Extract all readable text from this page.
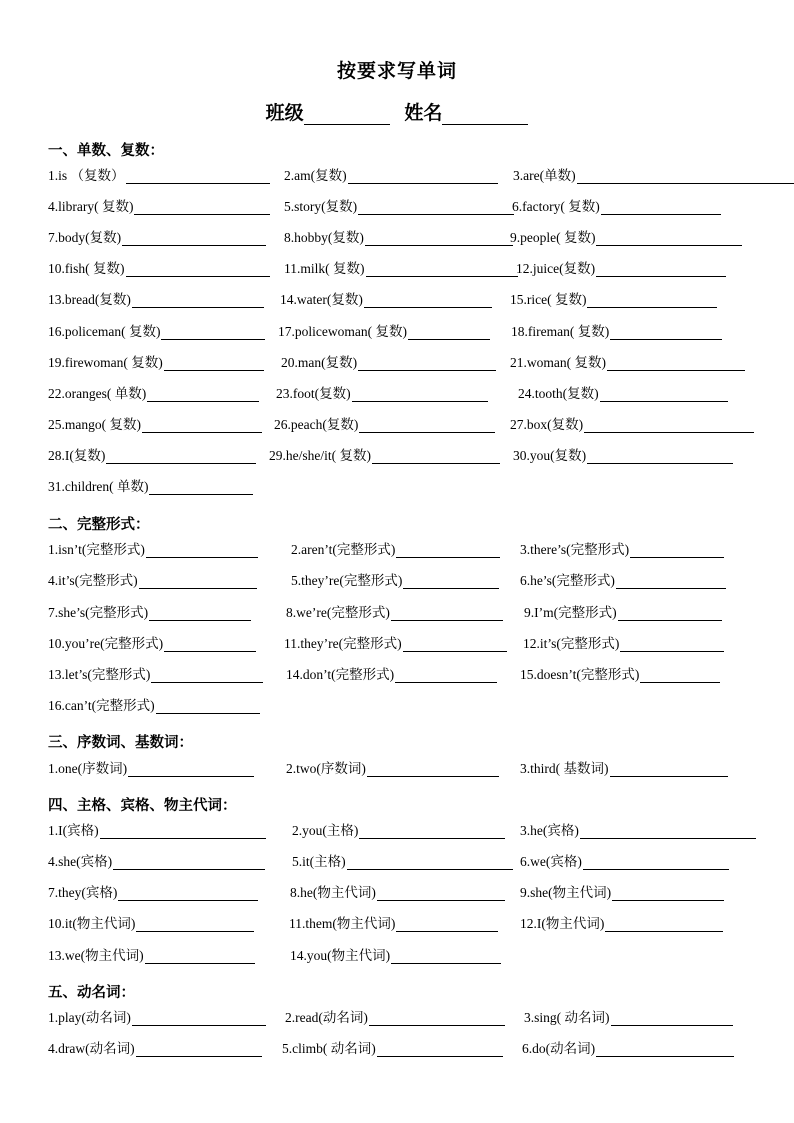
按要求写单词
班级	姓名
一、单数、复数：
二、完整形式：
三、序数词、基数词：
四、主格、宾格、物主代词：
五、动名词：
1.is （复数）	2.am(复数)	3.are(单数)
4.library( 复数)	5.story(复数)	6.factory( 复数)
7.body(复数)	8.hobby(复数)	9.people( 复数)
10.fish( 复数)	11.milk( 复数)	12.juice(复数)
13.bread(复数)	14.water(复数)	15.rice( 复数)
16.policeman( 复数)	17.policewoman( 复数)	18.fireman( 复数)
19.firewoman( 复数)	20.man(复数)	21.woman( 复数)
22.oranges( 单数)	23.foot(复数)	24.tooth(复数)
25.mango( 复数)	26.peach(复数)	27.box(复数)
28.I(复数)	29.he/she/it( 复数)	30.you(复数)
31.children( 单数)
1.isn’t(完整形式)	2.aren’t(完整形式)	3.there’s(完整形式)
4.it’s(完整形式)	5.they’re(完整形式)	6.he’s(完整形式)
7.she’s(完整形式)	8.we’re(完整形式)	9.I’m(完整形式)
10.you’re(完整形式)	11.they’re(完整形式)	12.it’s(完整形式)
13.let’s(完整形式)	14.don’t(完整形式)	15.doesn’t(完整形式)
16.can’t(完整形式)
1.one(序数词)	2.two(序数词)	3.third( 基数词)
1.I(宾格)	2.you(主格)	3.he(宾格)
4.she(宾格)	5.it(主格)	6.we(宾格)
7.they(宾格)	8.he(物主代词)	9.she(物主代词)
10.it(物主代词)	11.them(物主代词)	12.I(物主代词)
13.we(物主代词)	14.you(物主代词)
1.play(动名词)	2.read(动名词)	3.sing( 动名词)
4.draw(动名词)	5.climb( 动名词)	6.do(动名词)
